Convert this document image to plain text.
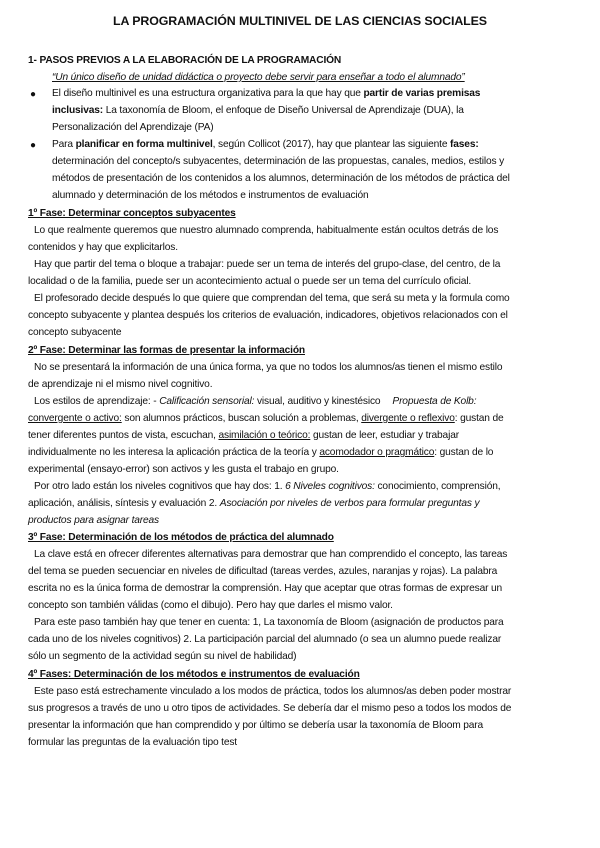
LA PROGRAMACIÓN MULTINIVEL DE LAS CIENCIAS SOCIALES
1- PASOS PREVIOS A LA ELABORACIÓN DE LA PROGRAMACIÓN
“Un único diseño de unidad didáctica o proyecto debe servir para enseñar a todo el alumnado”
● El diseño multinivel es una estructura organizativa para la que hay que partir de varias premisas
inclusivas: La taxonomía de Bloom, el enfoque de Diseño Universal de Aprendizaje (DUA), la
Personalización del Aprendizaje (PA)
● Para planificar en forma multinivel, según Collicot (2017), hay que plantear las siguiente fases:
determinación del concepto/s subyacentes, determinación de las propuestas, canales, medios, estilos y
métodos de presentación de los contenidos a los alumnos, determinación de los métodos de práctica del
alumnado y determinación de los métodos e instrumentos de evaluación
1º Fase: Determinar conceptos subyacentes
Lo que realmente queremos que nuestro alumnado comprenda, habitualmente están ocultos detrás de los
contenidos y hay que explicitarlos.
Hay que partir del tema o bloque a trabajar: puede ser un tema de interés del grupo-clase, del centro, de la
localidad o de la familia, puede ser un acontecimiento actual o puede ser un tema del currículo oficial.
El profesorado decide después lo que quiere que comprendan del tema, que será su meta y la formula como
concepto subyacente y plantea después los criterios de evaluación, indicadores, objetivos relacionados con el
concepto subyacente
2º Fase: Determinar las formas de presentar la información
No se presentará la información de una única forma, ya que no todos los alumnos/as tienen el mismo estilo
de aprendizaje ni el mismo nivel cognitivo.
Los estilos de aprendizaje: - Calificación sensorial: visual, auditivo y kinestésico Propuesta de Kolb:
convergente o activo: son alumnos prácticos, buscan solución a problemas, divergente o reflexivo: gustan de
tener diferentes puntos de vista, escuchan, asimilación o teórico: gustan de leer, estudiar y trabajar
individualmente no les interesa la aplicación práctica de la teoría y acomodador o pragmático: gustan de lo
experimental (ensayo-error) son activos y les gusta el trabajo en grupo.
Por otro lado están los niveles cognitivos que hay dos: 1. 6 Niveles cognitivos: conocimiento, comprensión,
aplicación, análisis, síntesis y evaluación 2. Asociación por niveles de verbos para formular preguntas y
productos para asignar tareas
3º Fase: Determinación de los métodos de práctica del alumnado
La clave está en ofrecer diferentes alternativas para demostrar que han comprendido el concepto, las tareas
del tema se pueden secuenciar en niveles de dificultad (tareas verdes, azules, naranjas y rojas). La palabra
escrita no es la única forma de demostrar la comprensión. Hay que aceptar que otras formas de expresar un
concepto son también válidas (como el dibujo). Pero hay que darles el mismo valor.
Para este paso también hay que tener en cuenta: 1, La taxonomía de Bloom (asignación de productos para
cada uno de los niveles cognitivos) 2. La participación parcial del alumnado (o sea un alumno puede realizar
sólo un segmento de la actividad según su nivel de habilidad)
4º Fases: Determinación de los métodos e instrumentos de evaluación
Este paso está estrechamente vinculado a los modos de práctica, todos los alumnos/as deben poder mostrar
sus progresos a través de uno u otro tipos de actividades. Se debería dar el mismo peso a todos los modos de
presentar la información que han comprendido y por último se debería usar la taxonomía de Bloom para
formular las preguntas de la evaluación tipo test
